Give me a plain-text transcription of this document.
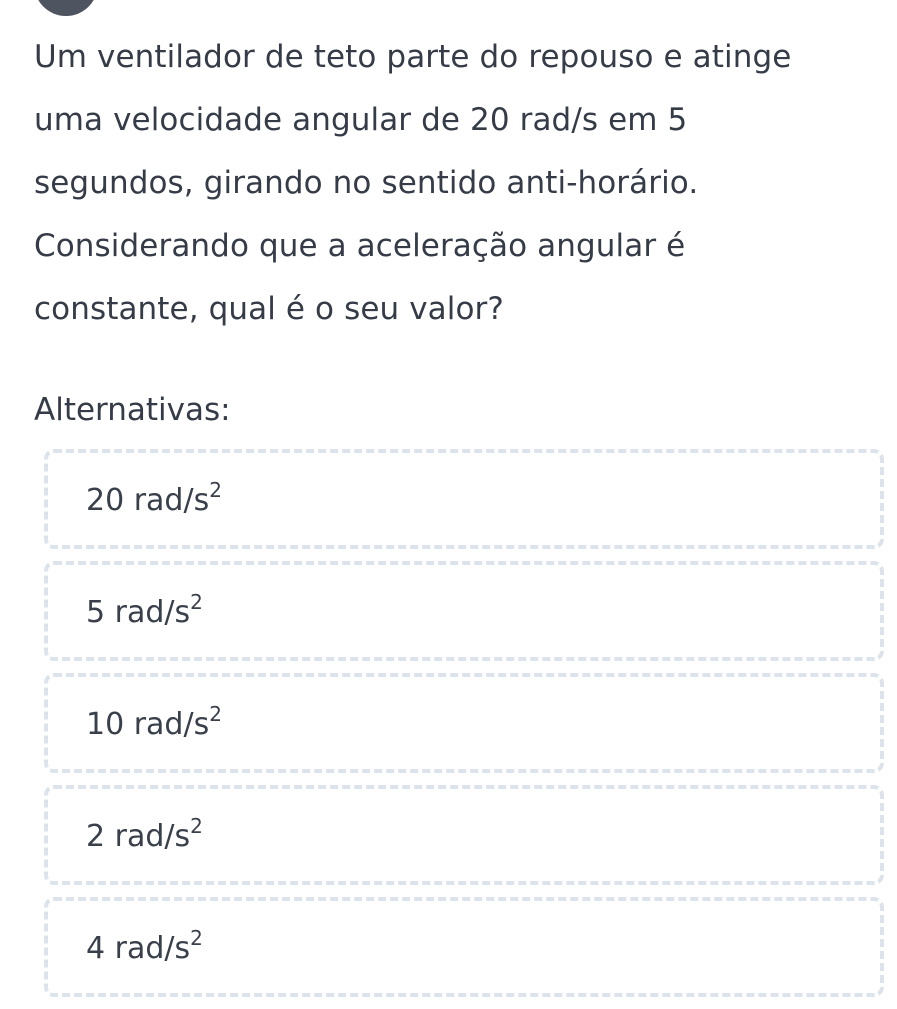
Um ventilador de teto parte do repouso e atinge uma velocidade angular de 20 rad/s em 5 segundos, girando no sentido anti-horário. Considerando que a aceleração angular é constante, qual é o seu valor?

Alternativas:

20 rad/$s^2$
5 rad/$s^2$
10 rad/$s^2$
2 rad/$s^2$
4 rad/$s^2$
